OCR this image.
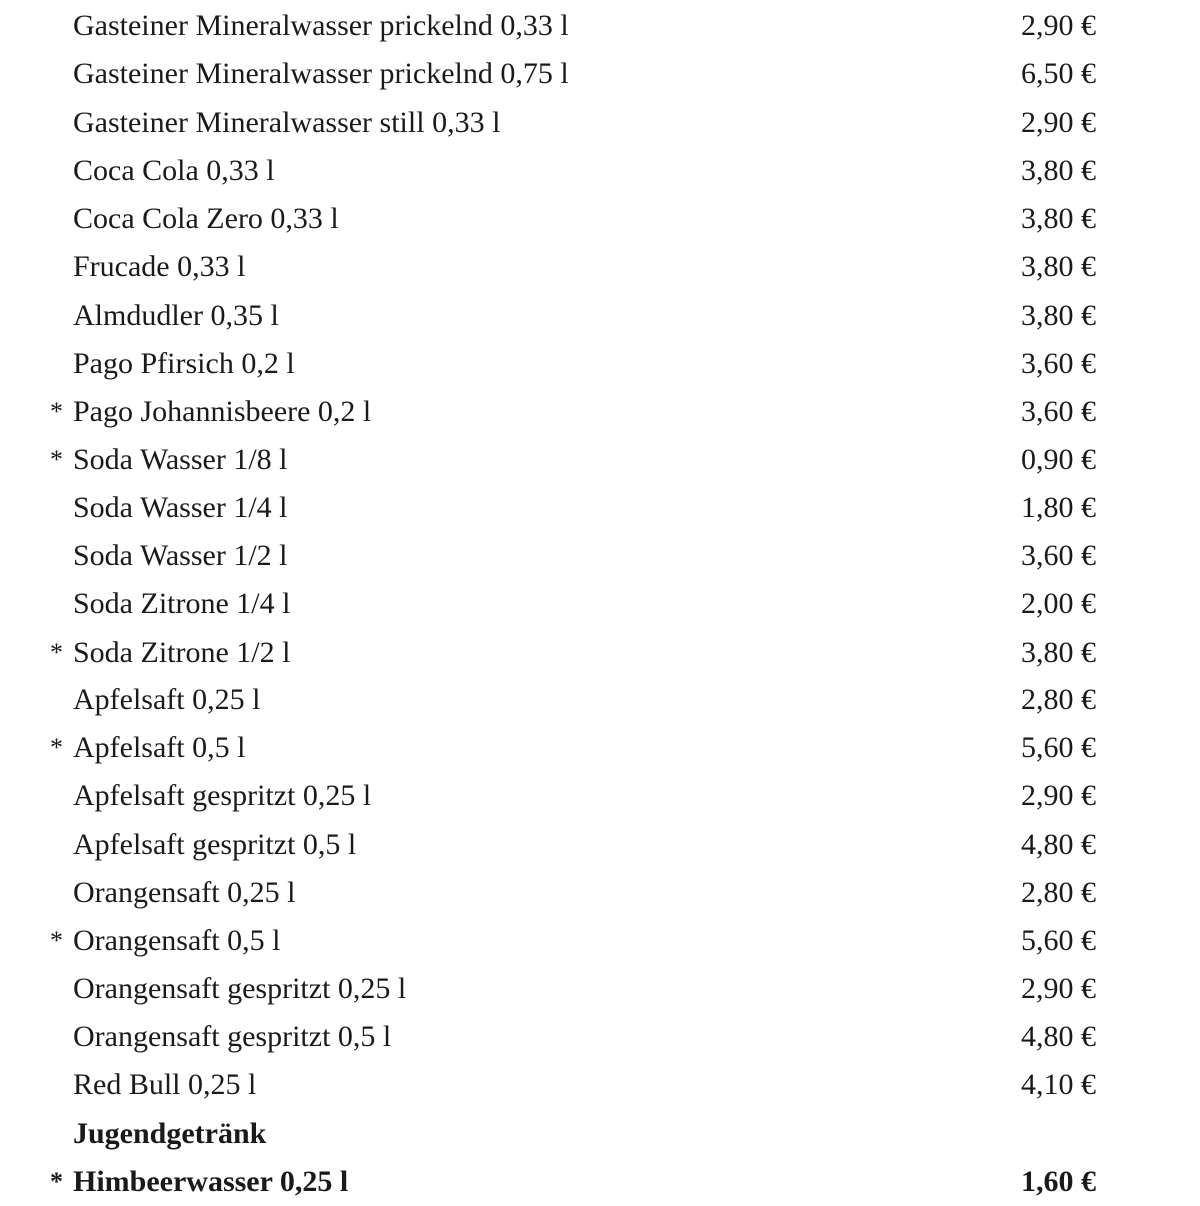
Gasteiner Mineralwasser prickelnd 0,33 l	2,90 €
Gasteiner Mineralwasser prickelnd 0,75 l	6,50 €
Gasteiner Mineralwasser still 0,33 l	2,90 €
Coca Cola 0,33 l	3,80 €
Coca Cola Zero 0,33 l	3,80 €
Frucade 0,33 l	3,80 €
Almdudler 0,35 l	3,80 €
Pago Pfirsich 0,2 l	3,60 €
* Pago Johannisbeere 0,2 l	3,60 €
* Soda Wasser 1/8 l	0,90 €
Soda Wasser 1/4 l	1,80 €
Soda Wasser 1/2 l	3,60 €
Soda Zitrone 1/4 l	2,00 €
* Soda Zitrone 1/2 l	3,80 €
Apfelsaft 0,25 l	2,80 €
* Apfelsaft 0,5 l	5,60 €
Apfelsaft gespritzt 0,25 l	2,90 €
Apfelsaft gespritzt 0,5 l	4,80 €
Orangensaft 0,25 l	2,80 €
* Orangensaft 0,5 l	5,60 €
Orangensaft gespritzt 0,25 l	2,90 €
Orangensaft gespritzt 0,5 l	4,80 €
Red Bull 0,25 l	4,10 €
Jugendgetränk
* Himbeerwasser 0,25 l	1,60 €
